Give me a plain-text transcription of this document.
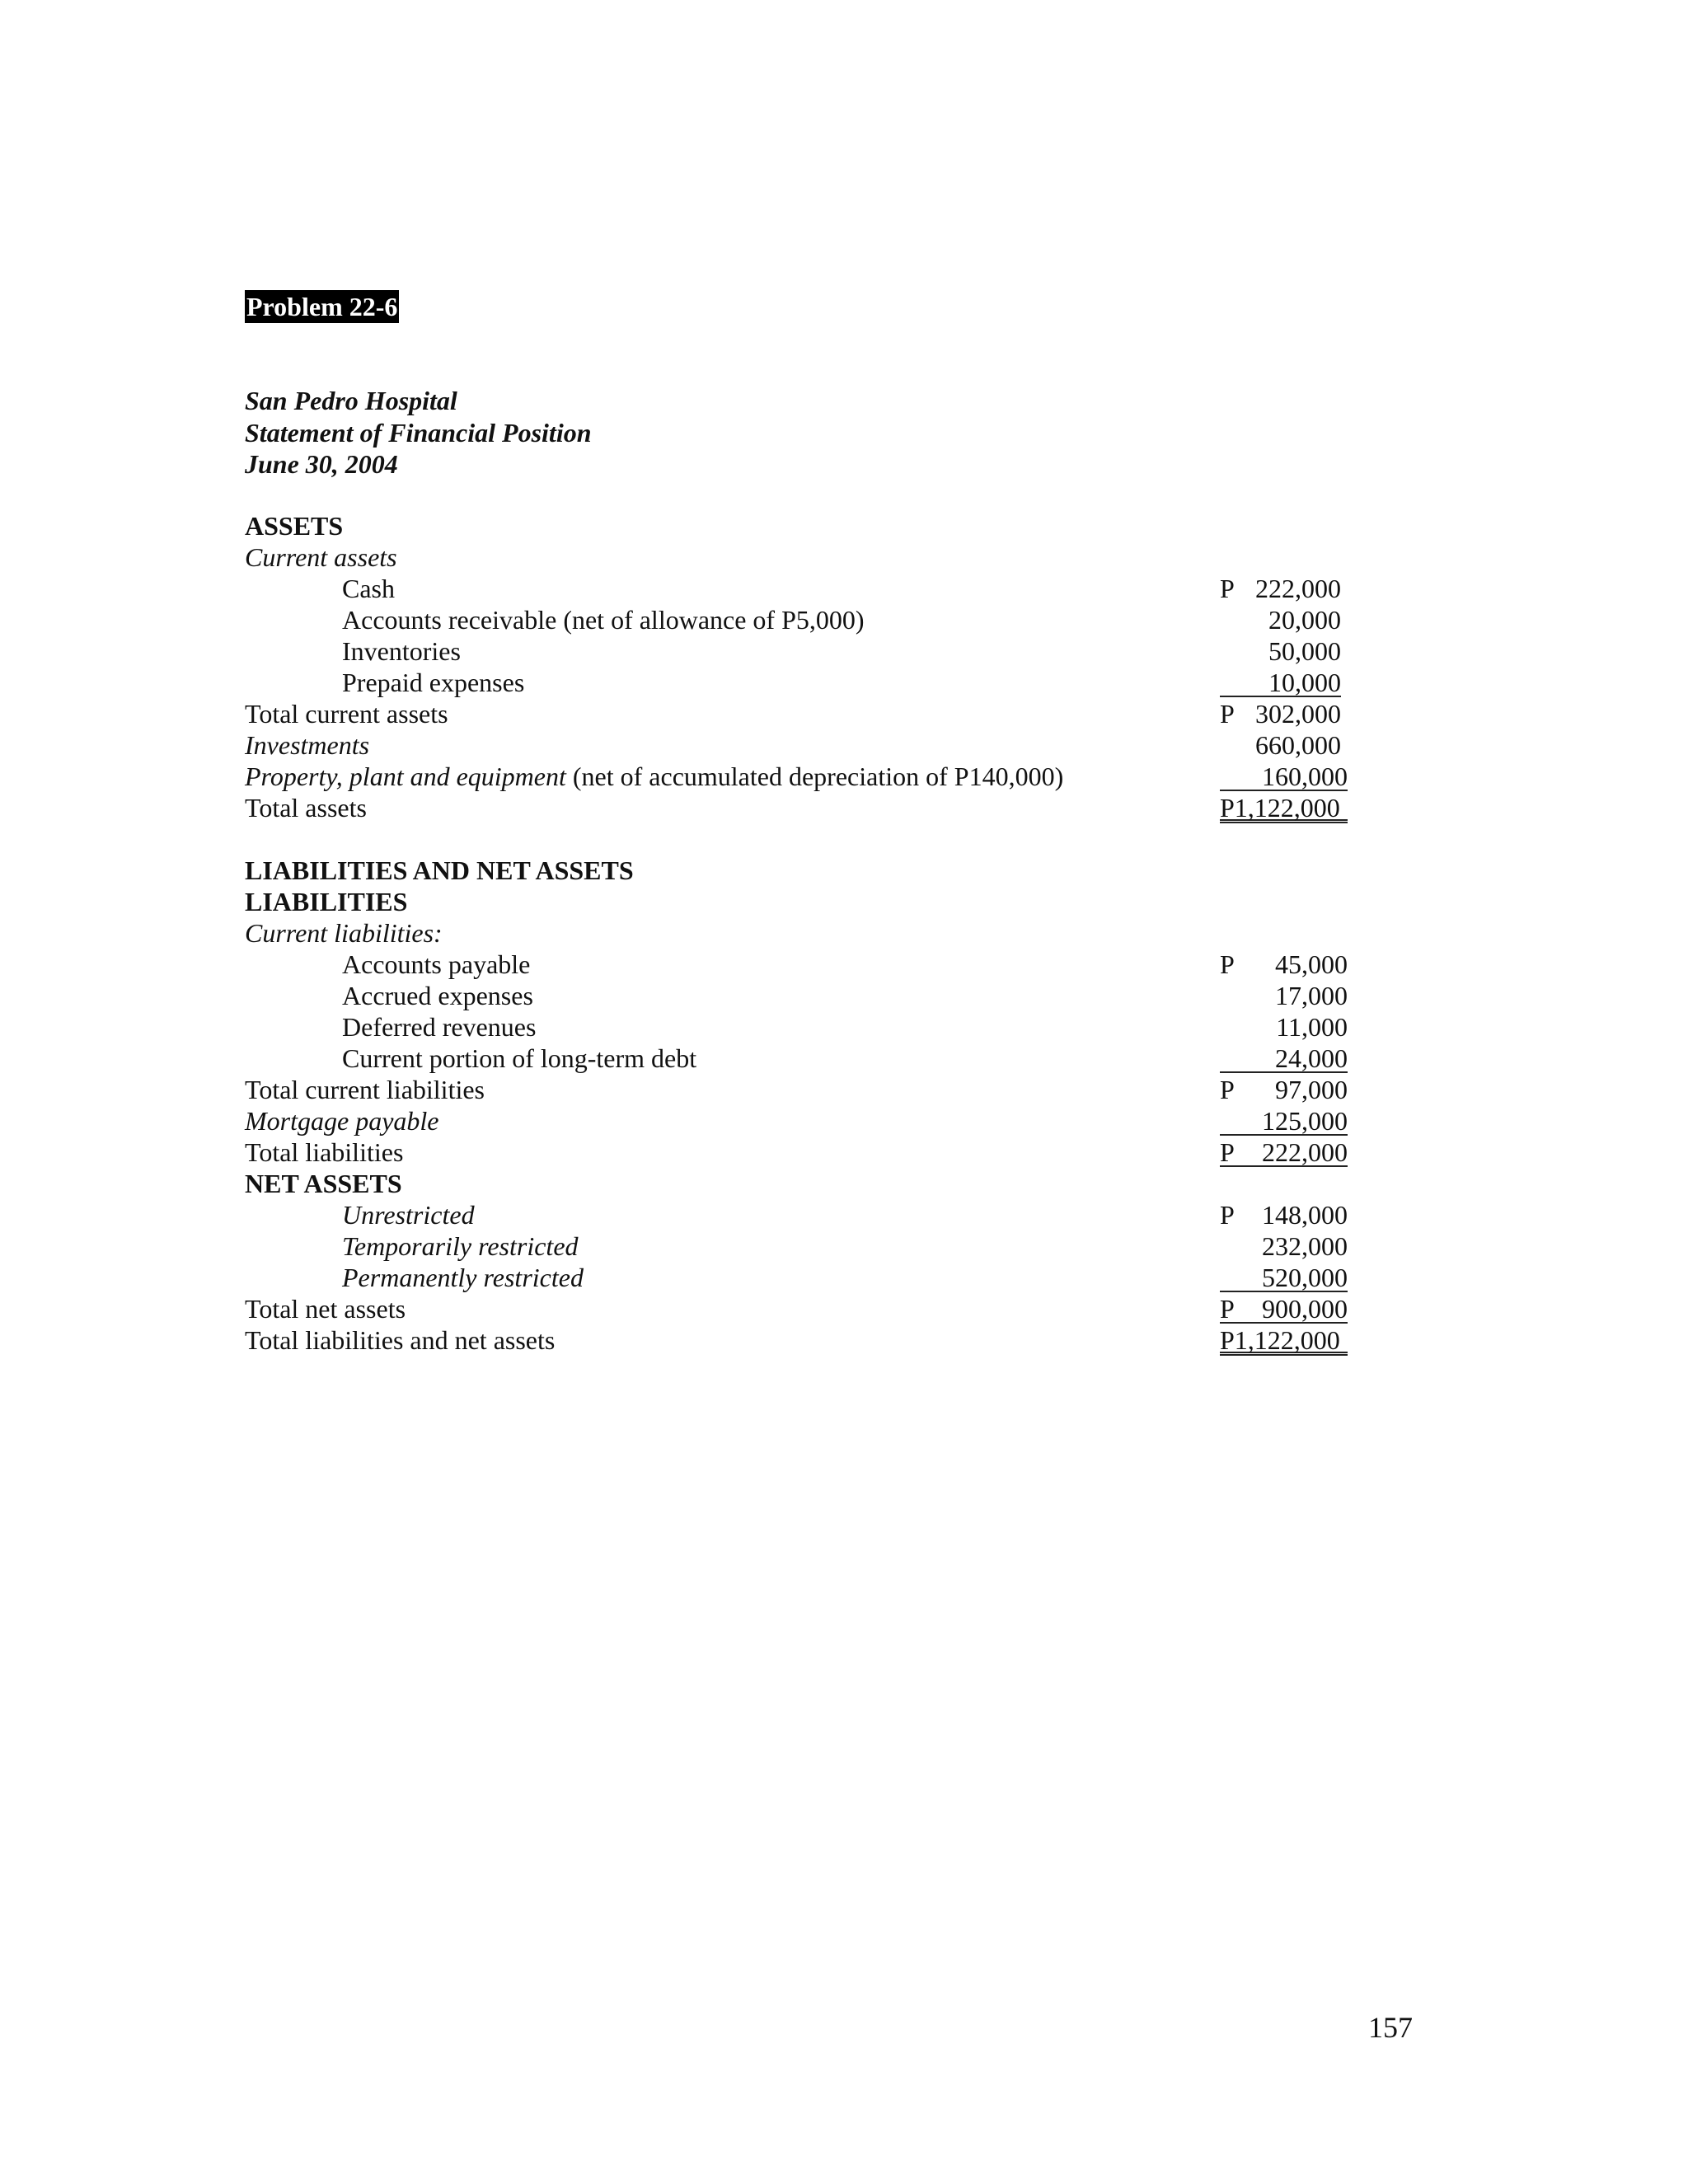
Problem 22-6
San Pedro Hospital
Statement of Financial Position
June 30, 2004
ASSETS
Current assets
Cash	P 222,000
Accounts receivable (net of allowance of P5,000)	20,000
Inventories	50,000
Prepaid expenses	10,000
Total current assets	P 302,000
Investments	660,000
Property, plant and equipment (net of accumulated depreciation of P140,000)	160,000
Total assets	P1,122,000
LIABILITIES AND NET ASSETS
LIABILITIES
Current liabilities:
Accounts payable	P 45,000
Accrued expenses	17,000
Deferred revenues	11,000
Current portion of long-term debt	24,000
Total current liabilities	P 97,000
Mortgage payable	125,000
Total liabilities	P 222,000
NET ASSETS
Unrestricted	P 148,000
Temporarily restricted	232,000
Permanently restricted	520,000
Total net assets	P 900,000
Total liabilities and net assets	P1,122,000
157
